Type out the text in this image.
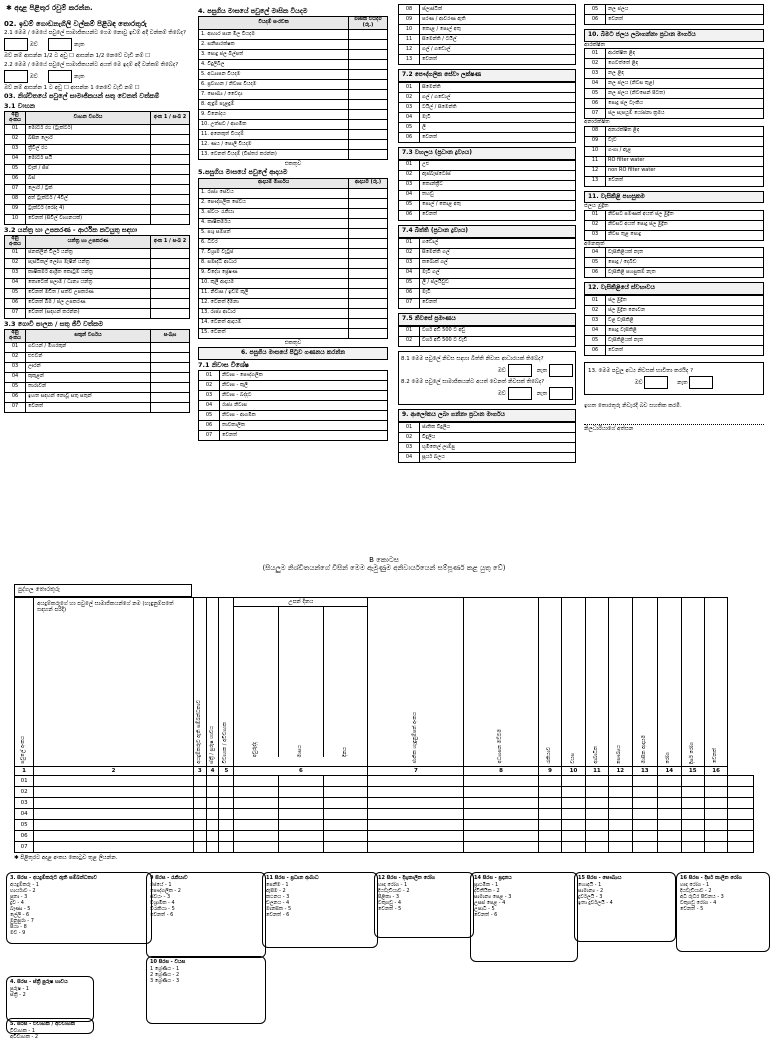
✱ අදාළ පිළිතුර රවුම් කරන්න.
02. ඉඩම් ගොඩනැගිලි වල්කම් පිළිබඳ තොරතුරු
2.1 මෙම / මෙයේ පවුලේ සාමාජිකයන්ට ගෙම නොවු ඉඩම් අදි වන්කම් තිබේද?
ඔව්	නැත
ඔව් නම් ආසන්න 1/2 ට අඩු ☐ ආසන්න 1/2 නෙවේ වැඩි නම් ☐
2.2 මෙම / මෙයේ පවුලේ සාමාජිකයන්ට අයත් මෙ ඉදම් අදි වන්කම් තිබේද?
ඔව්	නැත
ඔව් නම් ආසන්න 1 ට අඩු ☐ ආසන්න 1 නෙවේ වැඩි නම් ☐
03. නිශ්චිතයේ පවුලේ සාමාජිකයන් සතු වෙනත් වත්කම්
3.1 වාහන
අනු අංකය	වාහන වර්ගය	අංක 1 / සංඛ 2
01	මෝටර් රථ (ට්‍රැක්ටර්)	
02	බසින ලොරි	
03	ත්‍රීවීල් රථ	
04	මෝටර් සයි	
05	වෑන් / ජීප්	
06	බස්	
07	ලොරි / ට්‍රක්	
08	අත් ට්‍රැක්ටර් / 4වීල්	
09	ට්‍රැක්ටර් (රෝද 4)	
10	වෙනත් (සිවිල් වාහනයක්)	
3.2 යන්ත්‍ර හා උපකරණ - ආර්ථික කටයුතු සඳහා
අනු අංකය	යන්ත්‍ර හා උපකරණ	අංක 1 / සංඛ 2
01	ජනක්ලින් චිලර් යන්ත්‍ර	
02	පැස්ටිකල් ලෝහ මැෂින් යන්ත්‍ර	
03	කෘෂිකර්ම ආශ්‍රිත කොටුම් යන්ත්‍ර	
04	කොටෙක් පලාම / ධාන්‍ය යන්ත්‍ර	
05	වෙනත් මඩිත / සත්ව උපකරණ	
06	වෙනත් බිම / ජල උපකරණ	
07	වෙනත් (සඳහන් කරන්න)	
3.3 ගොවි පාලන / සතු ජීවී වත්කම
අනු අංකය	සතුන් වර්ගය	සංඛ්‍යා
01	ගවයන් / මීහරකුන්	
02	එළුවන්	
03	ඌරන්	
04	කුකුළන්	
05	තාරාවන්	
06	ඉහත සඳහන් නොවූ සතු සතුන්	
07	වෙනත්	
4. පසුගිය මාසයේ පවුලේ මාසික වියදම
වියදම් සංරචක	මාසික වියදම (රු.)
1. ආහාර පාන මිල වියදම	
2. සනීපාරක්ෂක	
3. පොදු ජල බිල්පත්	
4. විදුලිබිල	
5. අධ්‍යාපන වියදම	
6. ප්‍රවාහන / නිවාස වියදම	
7. සෞඛ්‍ය / වෛද්‍ය	
8. ඇඳුම් පැළඳුම්	
9. විනෝදය	
10. උත්සව / ආගමික	
11. අනෙකුත් වියදම්	
12. ණය / පොලී වියදම	
13. වෙනත් වියදම් (විස්තර කරන්න)	
එකතුව
5.පසුගිය මාසයේ පවුලේ ආදායම
ආදායම් මාර්ගය	ආදායම (රු.)
1. රාජ්‍ය සේවය	
2. පෞද්ගලික සේවය	
3. ස්වයං රැකියා	
4. කෘෂිකර්මය	
5. පශු සම්පත්	
6. ධීවර	
7. විශ්‍රාම වැටුප්	
8. සමෘද්ධි ආධාර	
9. විදේශ ප්‍රේෂණ	
10. කුලී ආදායම	
11. නිවාස / ඉඩම් කුලී	
12. වෙනත් දීමනා	
13. රාජ්‍ය ආධාර	
14. වෙනත් ආදායම්	
15. වෙනත්	
එකතුව
6. පසුගිය මාසයේ පිටුව ගණනය කරන්න
7.1 නිවාස විශේෂ
01	නිවාස - පෞද්ගලික
02	නිවාස - කුලී
03	නිවාස - බද්දට
04	රාජ්‍ය නිවාස
05	නිවාස - ආගමික
06	තාවකාලික
07	වෙනත්
08	ප්ලාස්ටික්
09	පරණ / ආවරණ ඇති
10	කොළ / පොල් අතු
11	සිමෙන්ති / ටයිල්
12	ගල් / ගඩොල්
13	වෙනත්
7.2 පෞද්ගලික සේවා ලක්ෂණ
01	සිමෙන්ති
02	ගල් / ගඩොල්
03	ටයිල් / සිමෙන්ති
04	මැටි
05	ලී
06	වෙනත්
7.3 වහලය (ප්‍රධාන ද්‍රව්‍යය)
01	උළු
02	ඇස්බැස්ටෝස්
03	කොන්ක්‍රීට්
04	තහඩු
05	පොල් / කොළ අතු
06	වෙනත්
7.4 බිත්ති (ප්‍රධාන ද්‍රව්‍යය)
01	ගඩොල්
02	සිමෙන්ති ගල්
03	කබොක් ගල්
04	මැටි ගල්
05	ලී / ප්ලයිවුඩ්
06	මැටි
07	වෙනත්
7.5 නිවසේ ප්‍රමාණය
01	වර්ග අඩි 500 ට අඩු
02	වර්ග අඩි 500 ට වැඩි
8.1 මෙම පවුලේ නිවස සඳහා බිත්ති නිවාස ආධාරයක් තිබේද?
ඔව්	නැත
8.2 මෙම පවුලේ සාමාජිකයන්ට අයත් වෙනත් නිවසක් තිබේද?
ඔව්	නැත
9. ආලෝකය ලබා ගන්නා ප්‍රධාන මාර්ගය
01	ජාතික විදුලිය
02	විදුලිය
03	භූමිතෙල් ලාම්පු
04	සූර්ය බලය
05	නල ජලය
06	වෙනත්
10. බීමට ජලය ලබාගන්නා ප්‍රධාන මාර්ගය
ආරක්ෂිත
01	ආරක්ෂිත ළිඳ
02	ගෙවත්තේ ළිඳ
03	නල ළිඳ
04	නල ජලය (නිවස තුළ)
05	නල ජලය (නිවසෙන් පිටත)
06	පොදු ජල ටැංකිය
07	ජල සැපයුම් යෝජනා ක්‍රමය
අනාරක්ෂිත
08	අනාරක්ෂිත ළිඳ
09	වැව්
10	ගංගා / ඇළ
11	RO filter water
12	non RO filter water
13	වෙනත්
11. වැසිකිළි පහසුකම
ජලය මුද්‍රිත
01	නිවසට පමණක් අයත් ජල මුද්‍රිත
02	නිවසට අයත් පොදු ජල මුද්‍රිත
03	නිවස තුළ පොදු
අනෙකුත්
04	වැසිකිළියක් නැත
05	පොදු / දෙබිඩ
06	වැසිකිළි පහසුකම් නැත
12. වැසිකිළියේ ස්වභාවය
01	ජල මුද්‍රිත
02	ජල මුද්‍රිත නොවන
03	වළ වැසිකිළි
04	පොදු වැසිකිළි
05	වැසිකිළියක් නැත
06	වෙනත්
13. මෙම පවුල අධ්‍ය නිවසක් භාවිතා කරයිද ?
ඔව්	නැත
ඉහත තොරතුරු නිවැරදි බව සහතික කරමි.
නිලධාරියාගේ අත්සන
B කොටස
(සියලුම නිශ්චිතයන්ගේ විසින් මෙම ඇමුණුම අනිවාර්යයෙන් සම්පූර්ණ කළ යුතු වේ)
පුද්ගල තොරතුරු
පවුලේ අංකය	අයදුම්කරුගේ හා පවුලේ සාමාජිකයන්ගේ නම (හැඳුනුම්පතේ සඳහන් පරිදි)	අයදුම්කරුට ඇති සම්බන්ධතාව	ස්ත්‍රී / පුරුෂ භාවය	විවාහක / අවිවාහක	උපන් දිනය
අවුරුද්ද මාසය දිනය			ජාතික හැඳුනුම්පත් අංකය	අධ්‍යාපන මට්ටම	රැකියාව	වයස	ආබාධිත	සෞඛ්‍යය	මාසික ආදායම	රෝග	දීර්ඝ රෝග	වෙනත්	
1	2	3	4	5	6			7	8	9	10	11	12	13	14	15	16	
01																		
02																		
03																		
04																		
05																		
06																		
07																		
✱ පිළිතුරට අදාළ අංකය කොටුව තුළ ලියන්න.
3. සිරස - අයදුම්කරුට ඇති සම්බන්ධතාව
අයදුම්කරු - 1
භාර්යාව - 2
පුතා - 3
දුව - 4
බෑණා - 5
ලේලි - 6
මුනුපුරා - 7
පියා - 8
මව - 9
9 සිරස - රැකියාව
රජයේ - 1
පෞද්ගලික - 2
ස්වයං - 3
විශ්‍රාමික - 4
විරැකියා - 5
වෙනත් - 6
11 සිරස - ප්‍රධාන ආබාධ
පෙනීම - 1
ඇසීම - 2
කථනය - 3
චලනය - 4
මානසික - 5
වෙනත් - 6
12 සිරස - දිගුකාලීන රෝග
හෘද රෝග - 1
දියවැඩියාව - 2
පිළිකා - 3
වකුගඩු - 4
වෙනත් - 5
14 සිරස - ප්‍රදානය
ප්‍රාථමික - 1
ද්විතීයික - 2
සාමාන්‍ය පෙළ - 3
උසස් පෙළ - 4
උපාධි - 5
වෙනත් - 6
15 සිරස - සෞඛ්‍යය
හොඳයි - 1
සාමාන්‍ය - 2
දුර්වලයි - 3
ඉතා දුර්වලයි - 4
16 සිරස - දීර්ඝ කාලීන රෝග
හෘද රෝග - 1
දියවැඩියාව - 2
අධි රුධිර පීඩනය - 3
වකුගඩු රෝග - 4
වෙනත් - 5
4. සිරස - ස්ත්‍රී පුරුෂ භාවය
පුරුෂ - 1
ස්ත්‍රී - 2
5. සිරස - විවාහක / අවිවාහක
විවාහක - 1
අවිවාහක - 2
10 සිරස - වයස
1 ශ්‍රේණිය - 1
2 ශ්‍රේණිය - 2
3 ශ්‍රේණිය - 3
